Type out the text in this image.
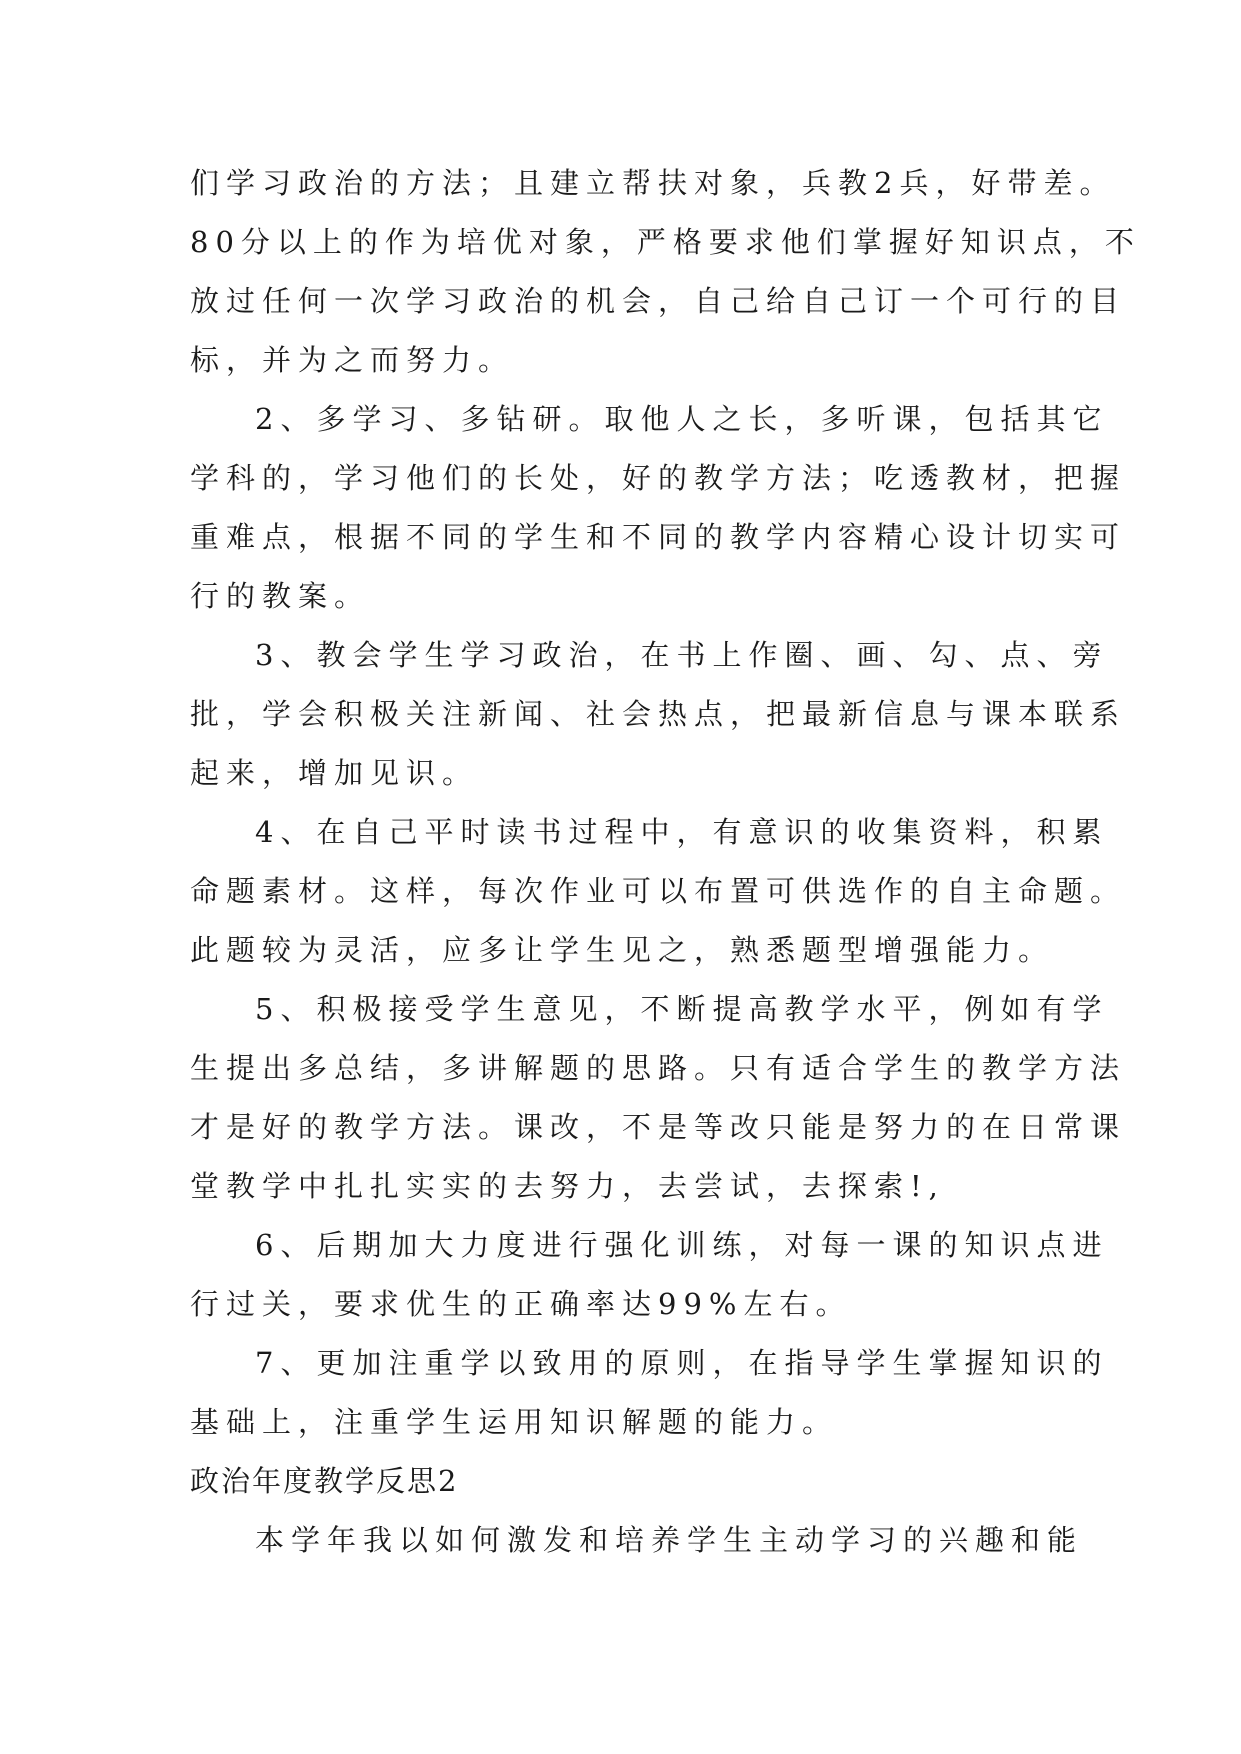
们学习政治的方法；且建立帮扶对象，兵教2兵，好带差。
80分以上的作为培优对象，严格要求他们掌握好知识点，不
放过任何一次学习政治的机会，自己给自己订一个可行的目
标，并为之而努力。
2、多学习、多钻研。取他人之长，多听课，包括其它
学科的，学习他们的长处，好的教学方法；吃透教材，把握
重难点，根据不同的学生和不同的教学内容精心设计切实可
行的教案。
3、教会学生学习政治，在书上作圈、画、勾、点、旁
批，学会积极关注新闻、社会热点，把最新信息与课本联系
起来，增加见识。
4、在自己平时读书过程中，有意识的收集资料，积累
命题素材。这样，每次作业可以布置可供选作的自主命题。
此题较为灵活，应多让学生见之，熟悉题型增强能力。
5、积极接受学生意见，不断提高教学水平，例如有学
生提出多总结，多讲解题的思路。只有适合学生的教学方法
才是好的教学方法。课改，不是等改只能是努力的在日常课
堂教学中扎扎实实的去努力，去尝试，去探索!,
6、后期加大力度进行强化训练，对每一课的知识点进
行过关，要求优生的正确率达99%左右。
7、更加注重学以致用的原则，在指导学生掌握知识的
基础上，注重学生运用知识解题的能力。
政治年度教学反思2
本学年我以如何激发和培养学生主动学习的兴趣和能
